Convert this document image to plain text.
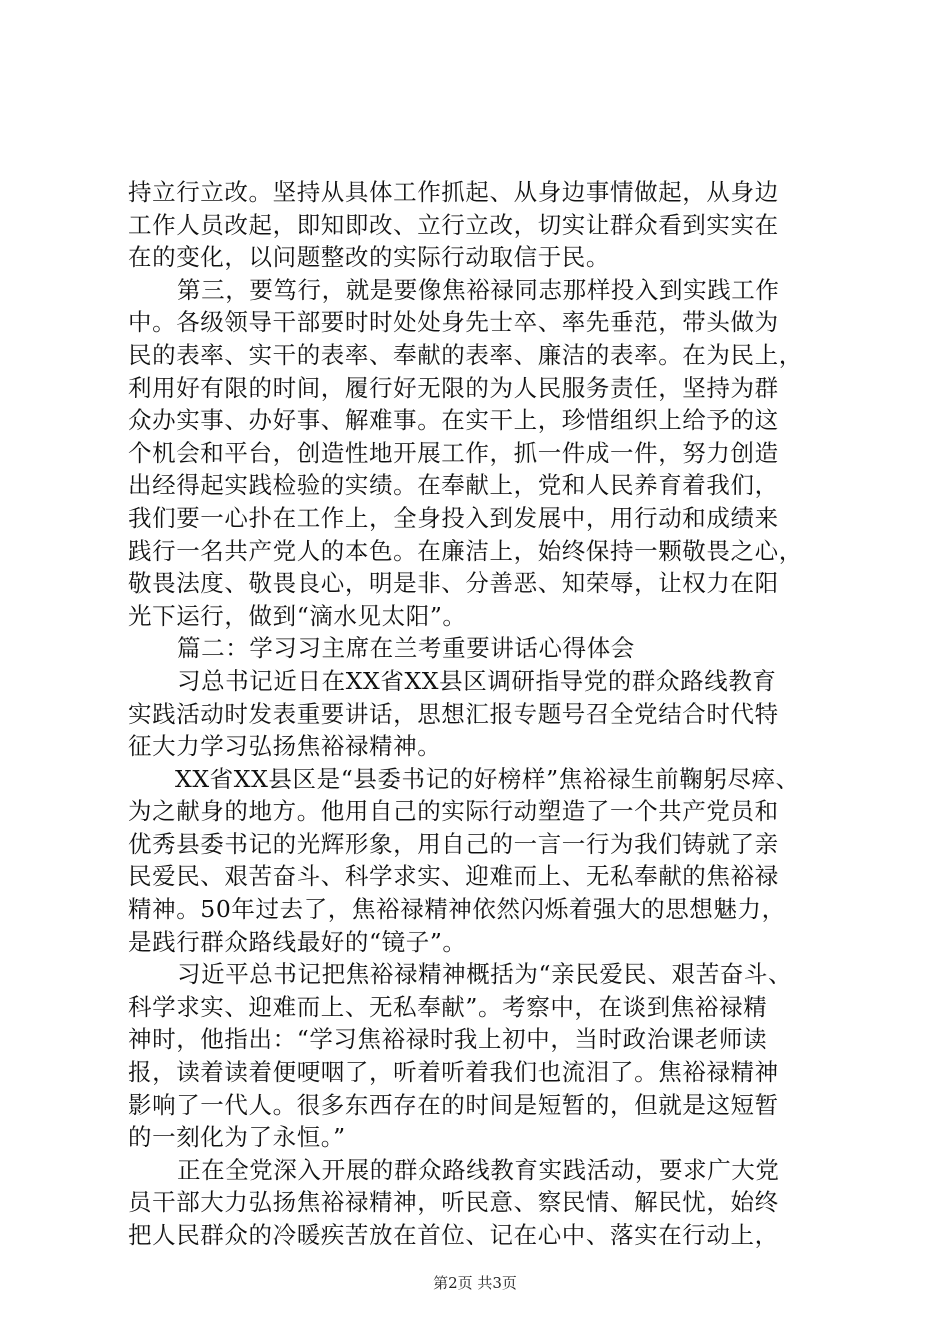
持立行立改。坚持从具体工作抓起、从身边事情做起，从身边
工作人员改起，即知即改、立行立改，切实让群众看到实实在
在的变化，以问题整改的实际行动取信于民。
第三，要笃行，就是要像焦裕禄同志那样投入到实践工作
中。各级领导干部要时时处处身先士卒、率先垂范，带头做为
民的表率、实干的表率、奉献的表率、廉洁的表率。在为民上，
利用好有限的时间，履行好无限的为人民服务责任，坚持为群
众办实事、办好事、解难事。在实干上，珍惜组织上给予的这
个机会和平台，创造性地开展工作，抓一件成一件，努力创造
出经得起实践检验的实绩。在奉献上，党和人民养育着我们，
我们要一心扑在工作上，全身投入到发展中，用行动和成绩来
践行一名共产党人的本色。在廉洁上，始终保持一颗敬畏之心，
敬畏法度、敬畏良心，明是非、分善恶、知荣辱，让权力在阳
光下运行，做到“滴水见太阳”。
篇二：学习习主席在兰考重要讲话心得体会
习总书记近日在XX省XX县区调研指导党的群众路线教育
实践活动时发表重要讲话，思想汇报专题号召全党结合时代特
征大力学习弘扬焦裕禄精神。
XX省XX县区是“县委书记的好榜样”焦裕禄生前鞠躬尽瘁、
为之献身的地方。他用自己的实际行动塑造了一个共产党员和
优秀县委书记的光辉形象，用自己的一言一行为我们铸就了亲
民爱民、艰苦奋斗、科学求实、迎难而上、无私奉献的焦裕禄
精神。50年过去了，焦裕禄精神依然闪烁着强大的思想魅力，
是践行群众路线最好的“镜子”。
习近平总书记把焦裕禄精神概括为“亲民爱民、艰苦奋斗、
科学求实、迎难而上、无私奉献”。考察中，在谈到焦裕禄精
神时，他指出：“学习焦裕禄时我上初中，当时政治课老师读
报，读着读着便哽咽了，听着听着我们也流泪了。焦裕禄精神
影响了一代人。很多东西存在的时间是短暂的，但就是这短暂
的一刻化为了永恒。”
正在全党深入开展的群众路线教育实践活动，要求广大党
员干部大力弘扬焦裕禄精神，听民意、察民情、解民忧，始终
把人民群众的冷暖疾苦放在首位、记在心中、落实在行动上，
第2页 共3页
